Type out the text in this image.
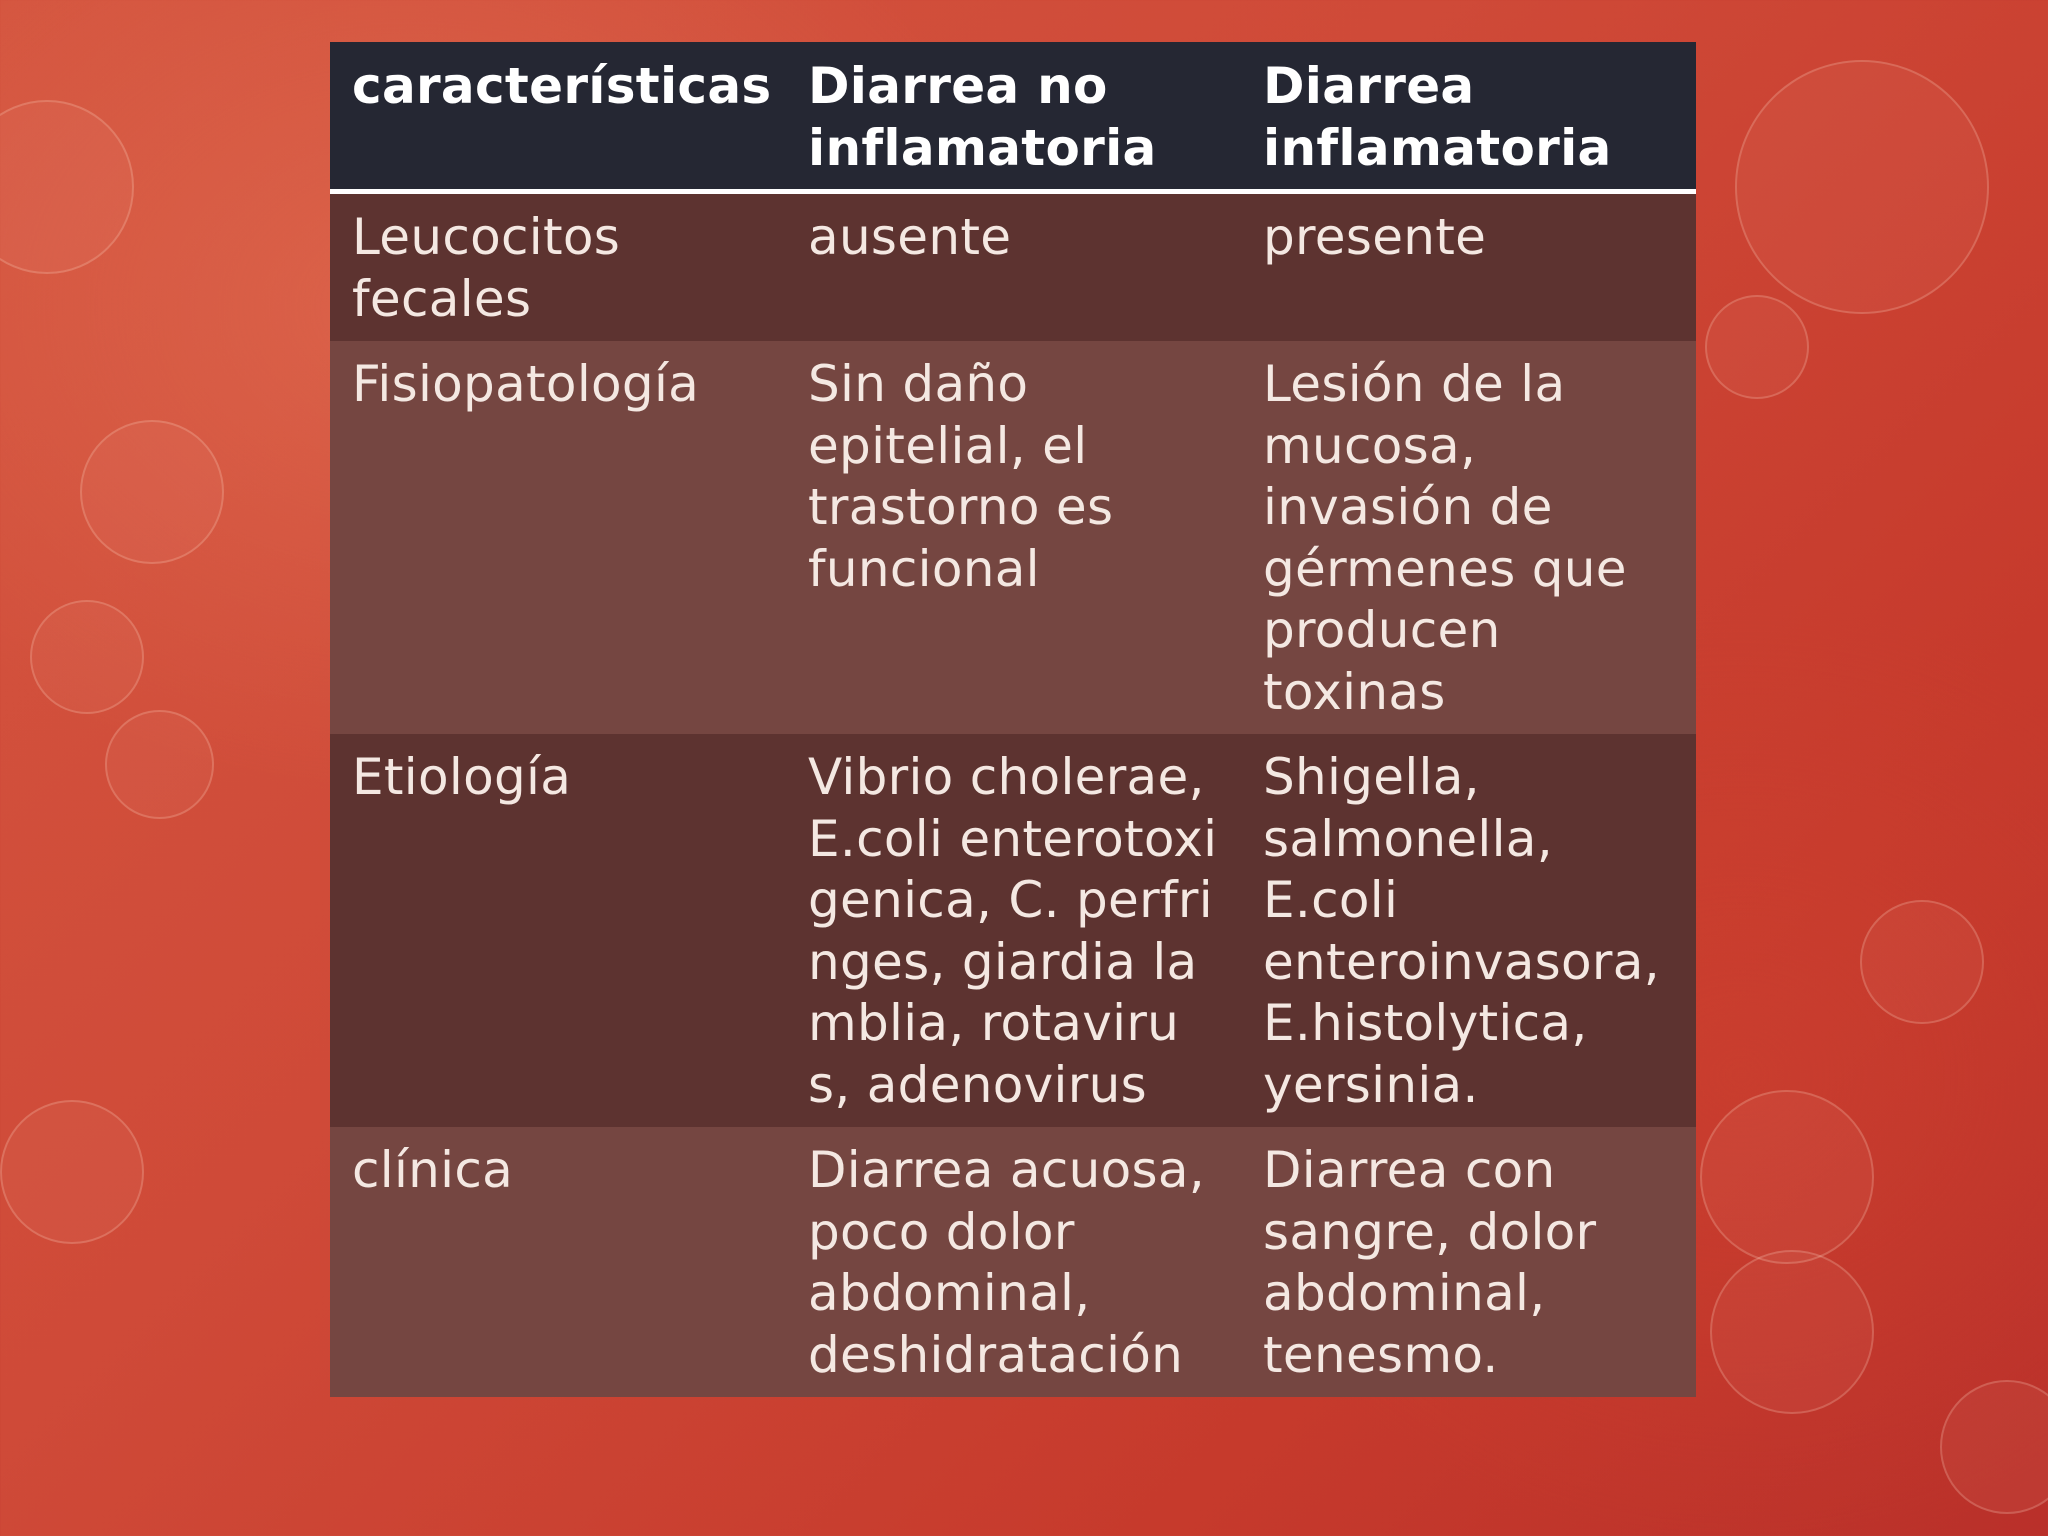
características	Diarrea no inflamatoria	Diarrea inflamatoria
Leucocitos fecales	ausente	presente
Fisiopatología	Sin daño epitelial, el trastorno es funcional	Lesión de la mucosa, invasión de gérmenes que producen toxinas
Etiología	Vibrio cholerae, E.coli enterotoxigenica, C. perfringes, giardia lamblia, rotavirus, adenovirus	Shigella, salmonella, E.coli enteroinvasora, E.histolytica, yersinia.
clínica	Diarrea acuosa, poco dolor abdominal, deshidratación	Diarrea con sangre, dolor abdominal, tenesmo.
